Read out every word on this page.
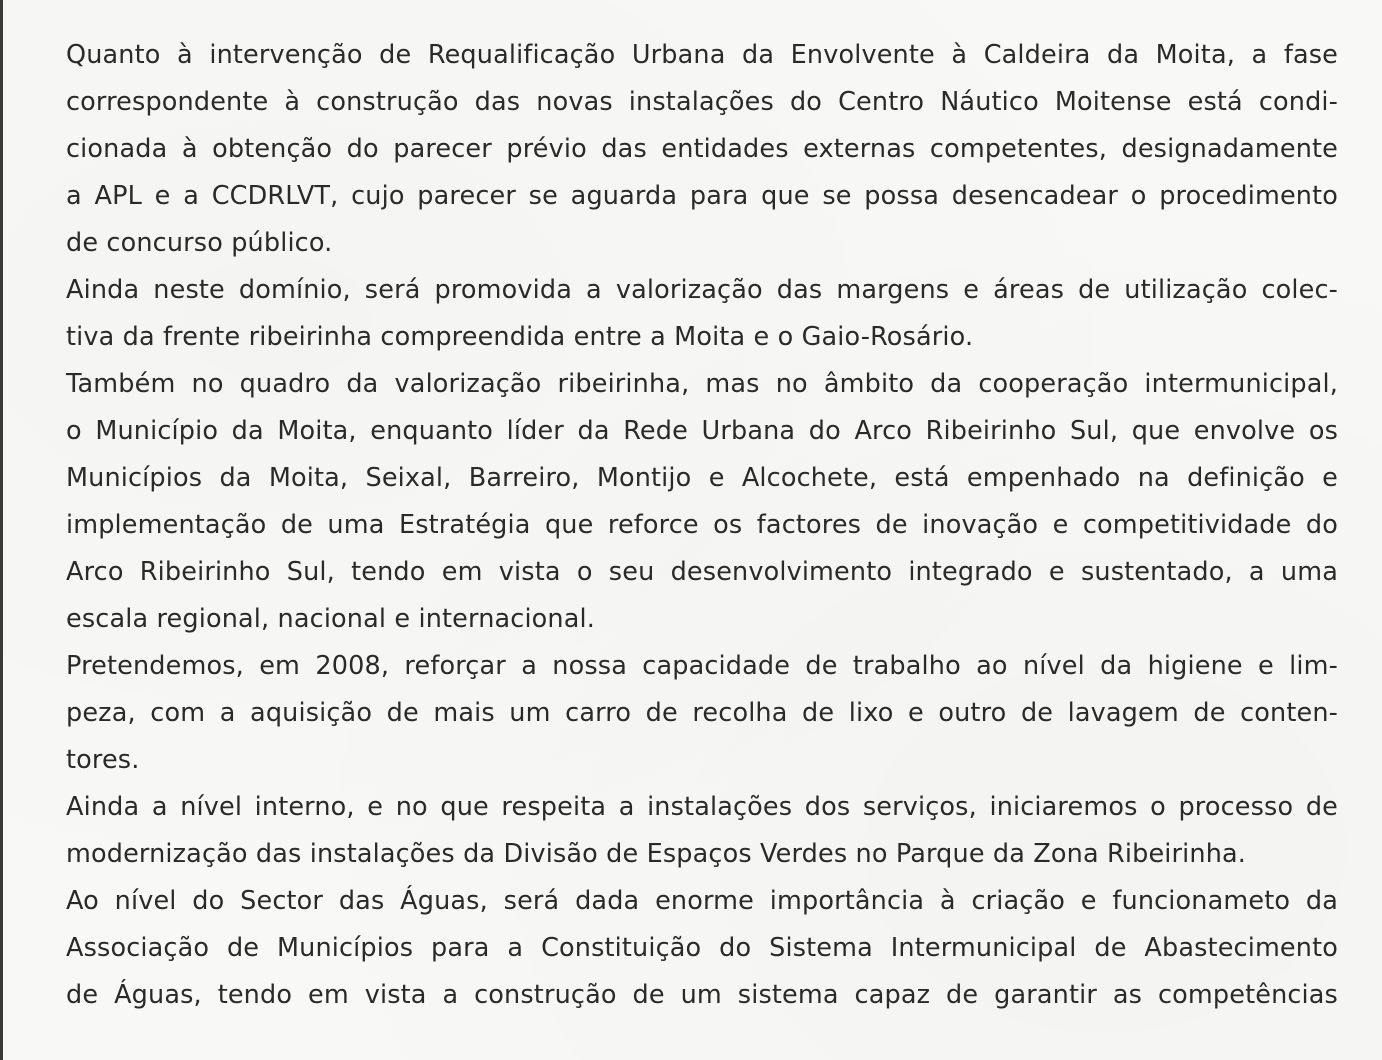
Quanto à intervenção de Requalificação Urbana da Envolvente à Caldeira da Moita, a fase
correspondente à construção das novas instalações do Centro Náutico Moitense está condi-
cionada à obtenção do parecer prévio das entidades externas competentes, designadamente
a APL e a CCDRLVT, cujo parecer se aguarda para que se possa desencadear o procedimento
de concurso público.
Ainda neste domínio, será promovida a valorização das margens e áreas de utilização colec-
tiva da frente ribeirinha compreendida entre a Moita e o Gaio-Rosário.
Também no quadro da valorização ribeirinha, mas no âmbito da cooperação intermunicipal,
o Município da Moita, enquanto líder da Rede Urbana do Arco Ribeirinho Sul, que envolve os
Municípios da Moita, Seixal, Barreiro, Montijo e Alcochete, está empenhado na definição e
implementação de uma Estratégia que reforce os factores de inovação e competitividade do
Arco Ribeirinho Sul, tendo em vista o seu desenvolvimento integrado e sustentado, a uma
escala regional, nacional e internacional.
Pretendemos, em 2008, reforçar a nossa capacidade de trabalho ao nível da higiene e lim-
peza, com a aquisição de mais um carro de recolha de lixo e outro de lavagem de conten-
tores.
Ainda a nível interno, e no que respeita a instalações dos serviços, iniciaremos o processo de
modernização das instalações da Divisão de Espaços Verdes no Parque da Zona Ribeirinha.
Ao nível do Sector das Águas, será dada enorme importância à criação e funcionameto da
Associação de Municípios para a Constituição do Sistema Intermunicipal de Abastecimento
de Águas, tendo em vista a construção de um sistema capaz de garantir as competências
